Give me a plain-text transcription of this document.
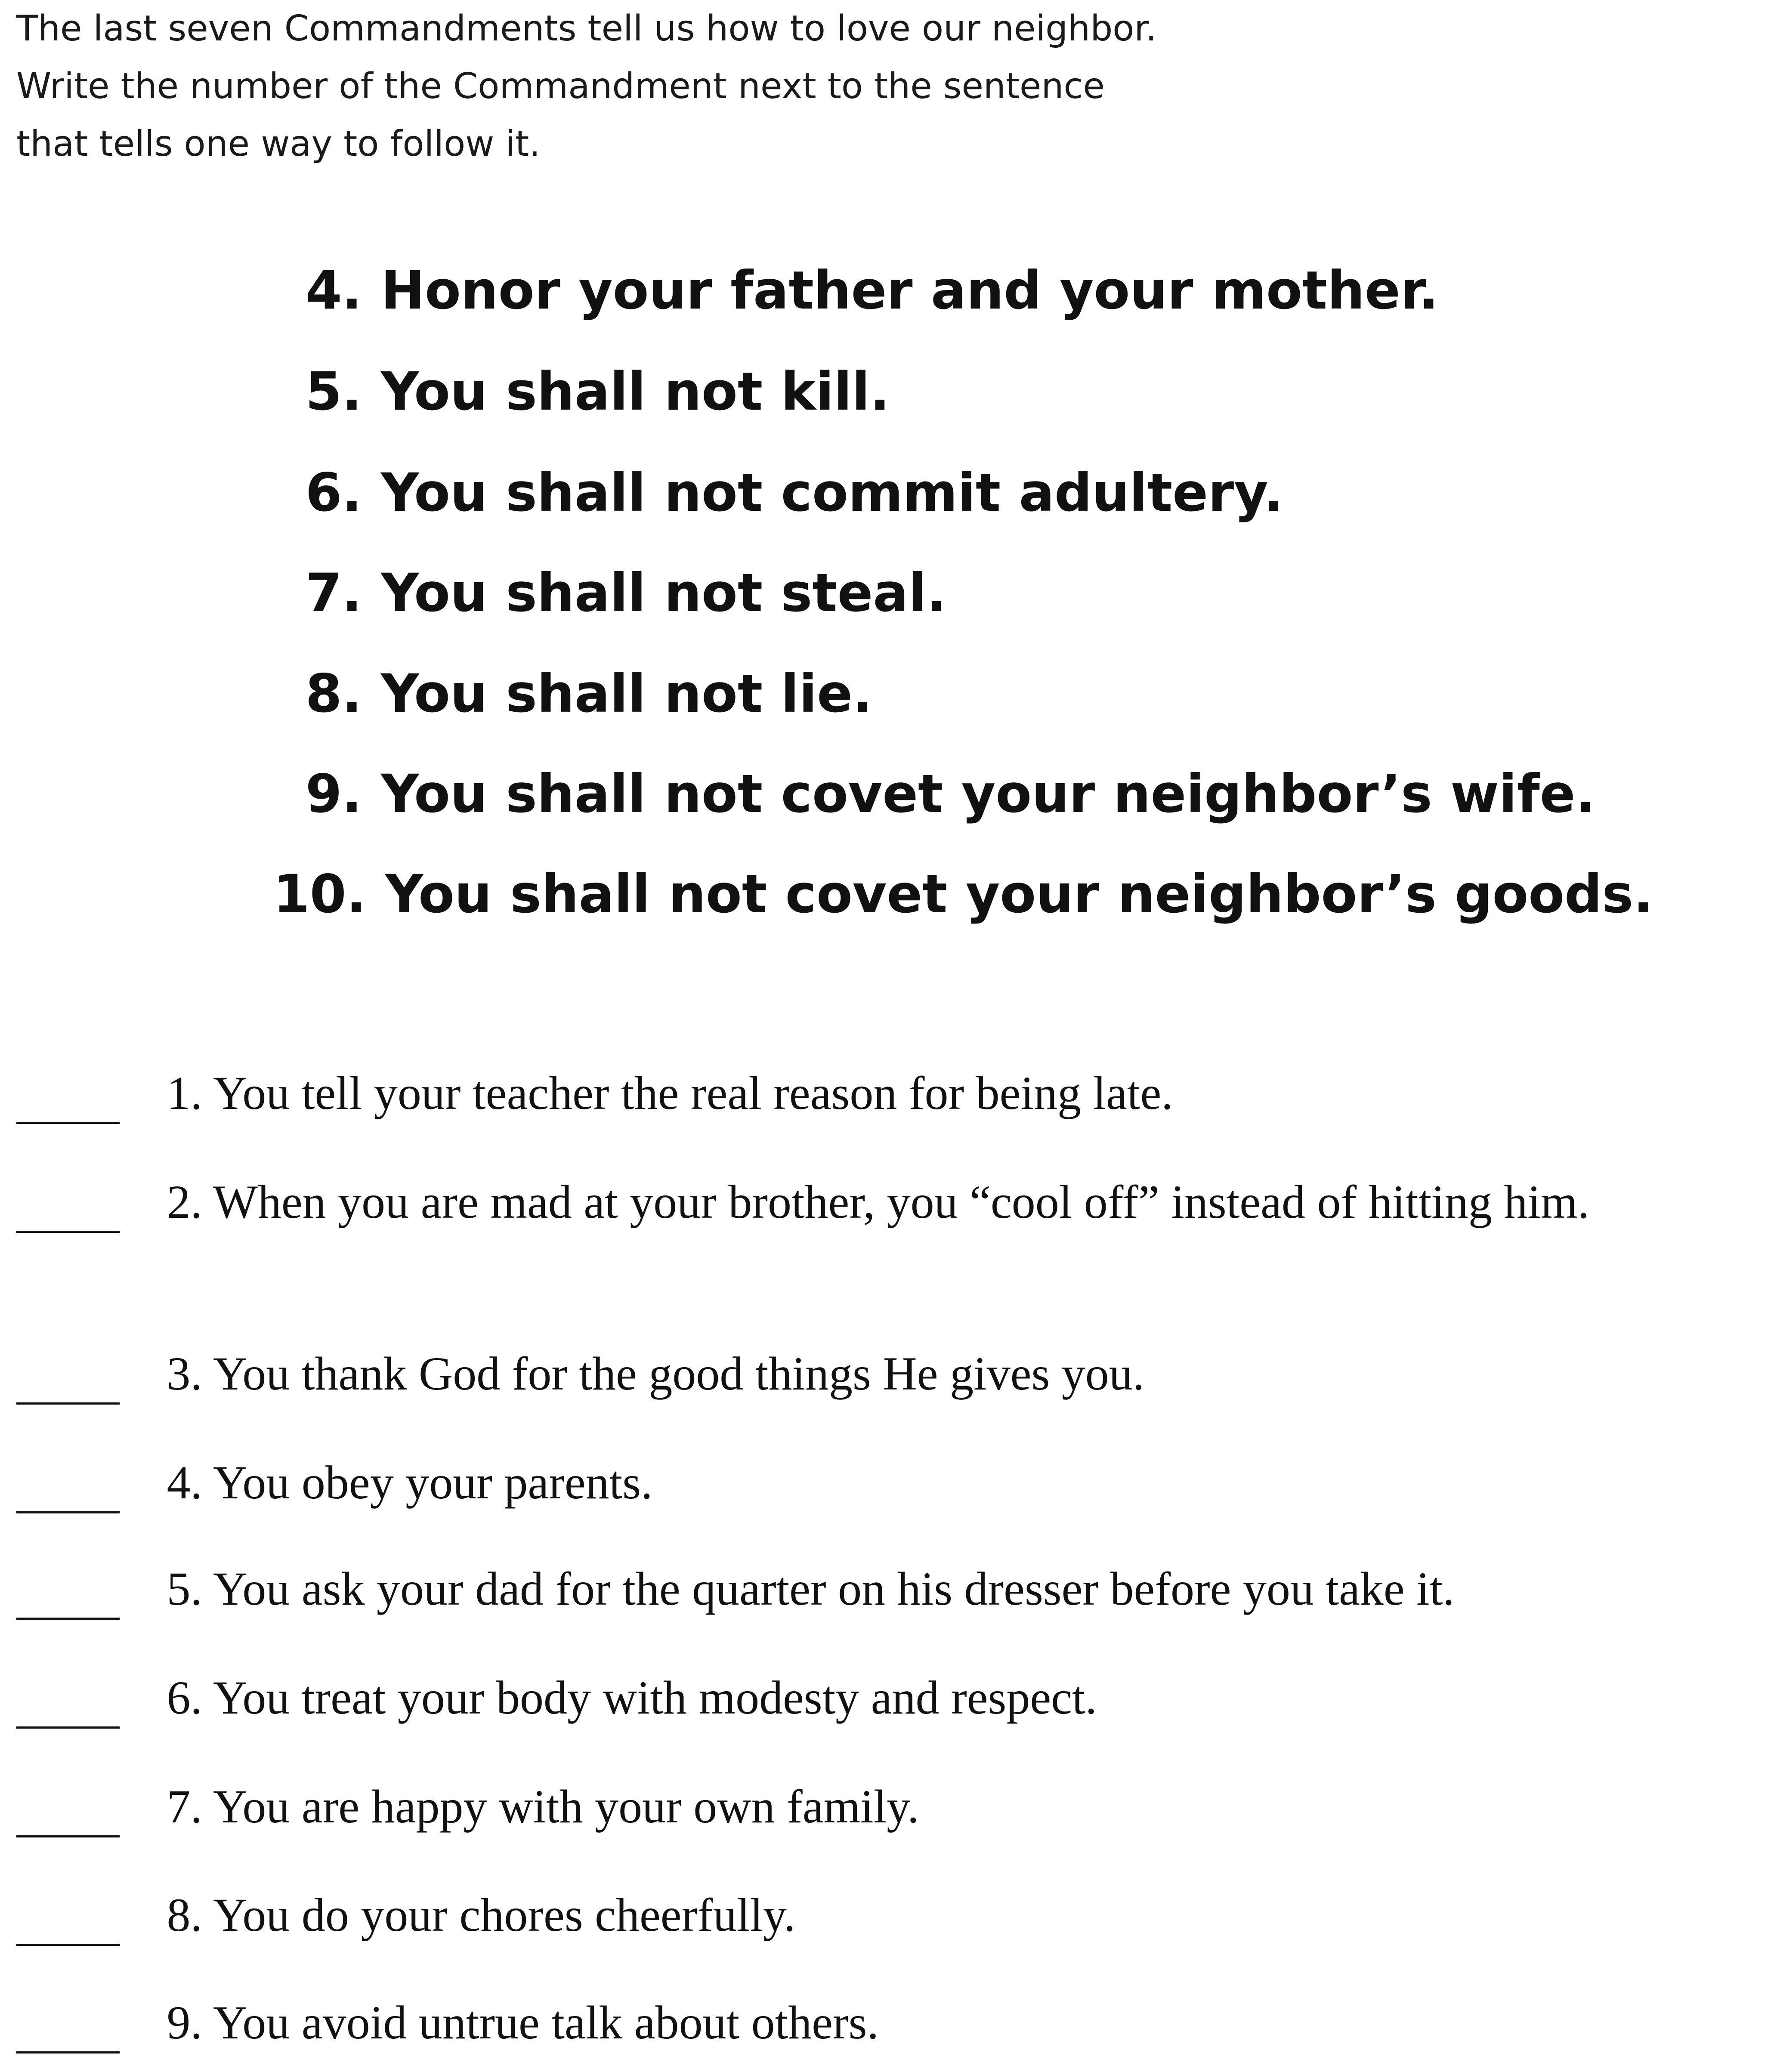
The last seven Commandments tell us how to love our neighbor.
Write the number of the Commandment next to the sentence
that tells one way to follow it.
4. Honor your father and your mother.
5. You shall not kill.
6. You shall not commit adultery.
7. You shall not steal.
8. You shall not lie.
9. You shall not covet your neighbor’s wife.
10. You shall not covet your neighbor’s goods.
1. You tell your teacher the real reason for being late.
2. When you are mad at your brother, you “cool off” instead of hitting him.
3. You thank God for the good things He gives you.
4. You obey your parents.
5. You ask your dad for the quarter on his dresser before you take it.
6. You treat your body with modesty and respect.
7. You are happy with your own family.
8. You do your chores cheerfully.
9. You avoid untrue talk about others.
